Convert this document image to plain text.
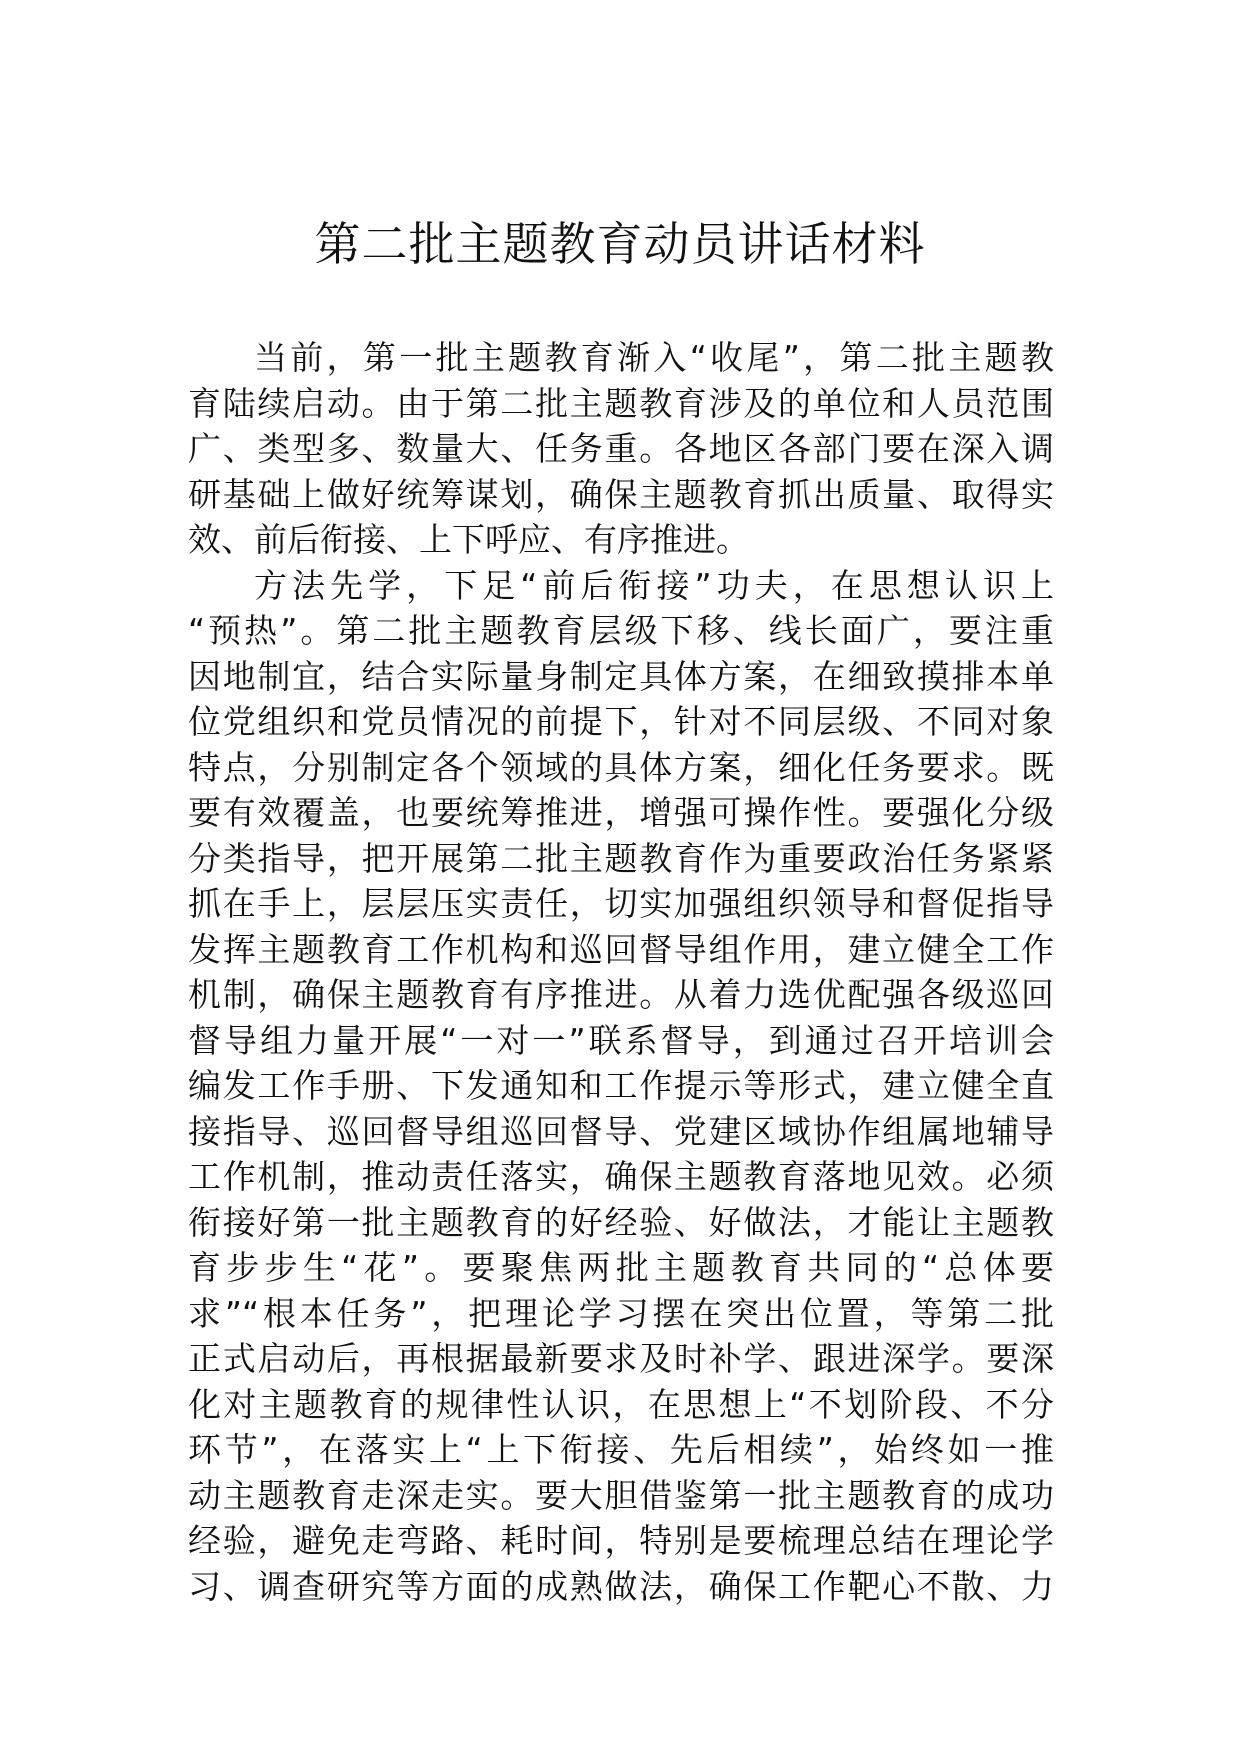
第二批主题教育动员讲话材料
当前，第一批主题教育渐入“收尾”，第二批主题教
育陆续启动。由于第二批主题教育涉及的单位和人员范围
广、类型多、数量大、任务重。各地区各部门要在深入调
研基础上做好统筹谋划，确保主题教育抓出质量、取得实
效、前后衔接、上下呼应、有序推进。
方法先学，下足“前后衔接”功夫，在思想认识上
“预热”。第二批主题教育层级下移、线长面广，要注重
因地制宜，结合实际量身制定具体方案，在细致摸排本单
位党组织和党员情况的前提下，针对不同层级、不同对象
特点，分别制定各个领域的具体方案，细化任务要求。既
要有效覆盖，也要统筹推进，增强可操作性。要强化分级
分类指导，把开展第二批主题教育作为重要政治任务紧紧
抓在手上，层层压实责任，切实加强组织领导和督促指导
发挥主题教育工作机构和巡回督导组作用，建立健全工作
机制，确保主题教育有序推进。从着力选优配强各级巡回
督导组力量开展“一对一”联系督导，到通过召开培训会
编发工作手册、下发通知和工作提示等形式，建立健全直
接指导、巡回督导组巡回督导、党建区域协作组属地辅导
工作机制，推动责任落实，确保主题教育落地见效。必须
衔接好第一批主题教育的好经验、好做法，才能让主题教
育步步生“花”。要聚焦两批主题教育共同的“总体要
求”“根本任务”，把理论学习摆在突出位置，等第二批
正式启动后，再根据最新要求及时补学、跟进深学。要深
化对主题教育的规律性认识，在思想上“不划阶段、不分
环节”，在落实上“上下衔接、先后相续”，始终如一推
动主题教育走深走实。要大胆借鉴第一批主题教育的成功
经验，避免走弯路、耗时间，特别是要梳理总结在理论学
习、调查研究等方面的成熟做法，确保工作靶心不散、力
